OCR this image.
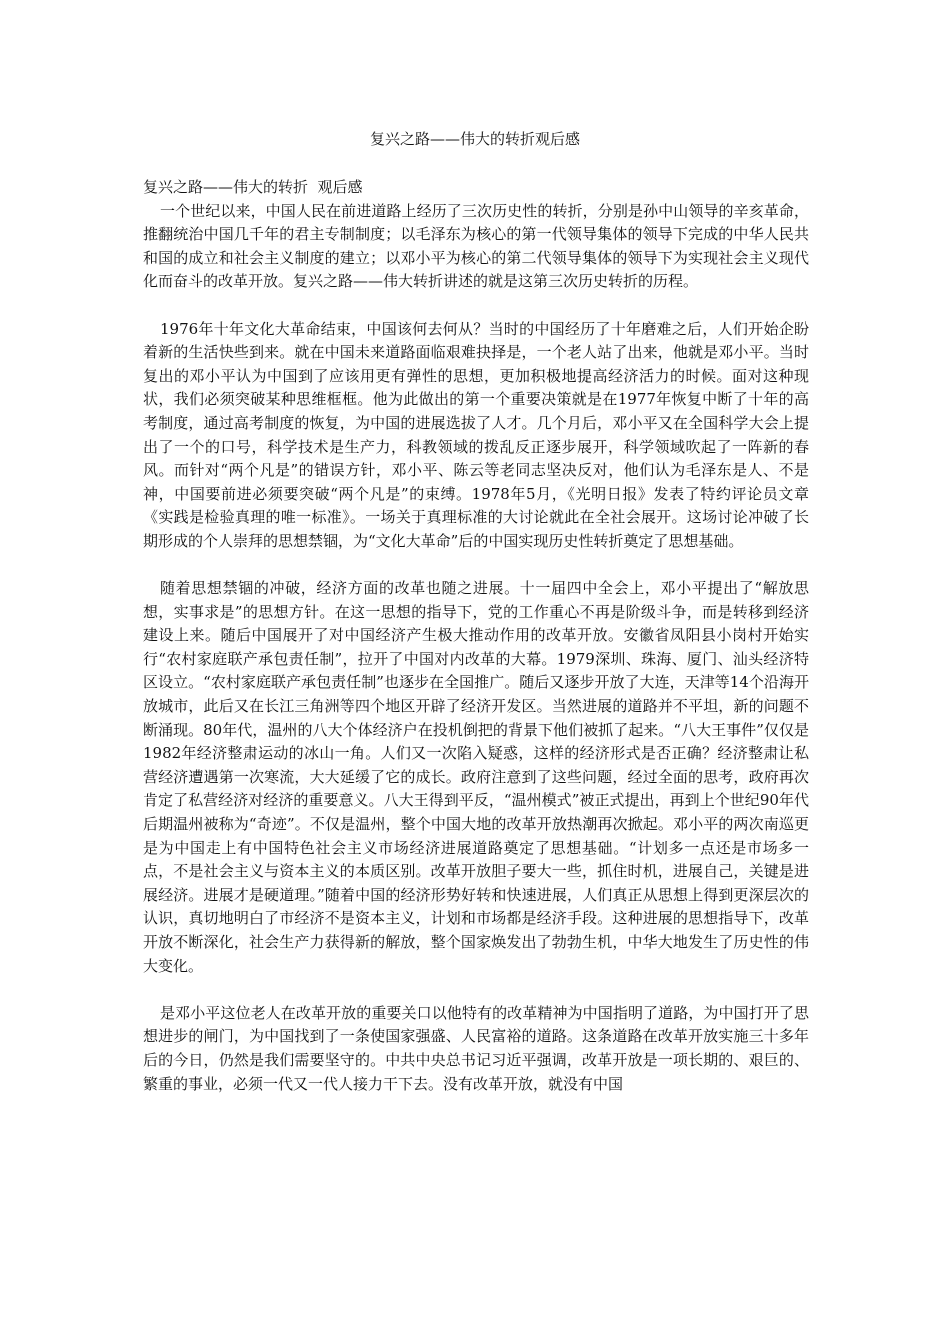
复兴之路——伟大的转折观后感

复兴之路——伟大的转折  观后感

一个世纪以来，中国人民在前进道路上经历了三次历史性的转折，分别是孙中山领导的辛亥革命，推翻统治中国几千年的君主专制制度；以毛泽东为核心的第一代领导集体的领导下完成的中华人民共和国的成立和社会主义制度的建立；以邓小平为核心的第二代领导集体的领导下为实现社会主义现代化而奋斗的改革开放。复兴之路——伟大转折讲述的就是这第三次历史转折的历程。

1976年十年文化大革命结束，中国该何去何从？当时的中国经历了十年磨难之后，人们开始企盼着新的生活快些到来。就在中国未来道路面临艰难抉择是，一个老人站了出来，他就是邓小平。当时复出的邓小平认为中国到了应该用更有弹性的思想，更加积极地提高经济活力的时候。面对这种现状，我们必须突破某种思维框框。他为此做出的第一个重要决策就是在1977年恢复中断了十年的高考制度，通过高考制度的恢复，为中国的进展选拔了人才。几个月后，邓小平又在全国科学大会上提出了一个的口号，科学技术是生产力，科教领域的拨乱反正逐步展开，科学领域吹起了一阵新的春风。而针对“两个凡是”的错误方针，邓小平、陈云等老同志坚决反对，他们认为毛泽东是人、不是神，中国要前进必须要突破“两个凡是”的束缚。1978年5月，《光明日报》发表了特约评论员文章《实践是检验真理的唯一标准》。一场关于真理标准的大讨论就此在全社会展开。这场讨论冲破了长期形成的个人崇拜的思想禁锢，为“文化大革命”后的中国实现历史性转折奠定了思想基础。

随着思想禁锢的冲破，经济方面的改革也随之进展。十一届四中全会上，邓小平提出了“解放思想，实事求是”的思想方针。在这一思想的指导下，党的工作重心不再是阶级斗争，而是转移到经济建设上来。随后中国展开了对中国经济产生极大推动作用的改革开放。安徽省凤阳县小岗村开始实行“农村家庭联产承包责任制”，拉开了中国对内改革的大幕。1979深圳、珠海、厦门、汕头经济特区设立。“农村家庭联产承包责任制”也逐步在全国推广。随后又逐步开放了大连，天津等14个沿海开放城市，此后又在长江三角洲等四个地区开辟了经济开发区。当然进展的道路并不平坦，新的问题不断涌现。80年代，温州的八大个体经济户在投机倒把的背景下他们被抓了起来。“八大王事件”仅仅是1982年经济整肃运动的冰山一角。人们又一次陷入疑惑，这样的经济形式是否正确？经济整肃让私营经济遭遇第一次寒流，大大延缓了它的成长。政府注意到了这些问题，经过全面的思考，政府再次肯定了私营经济对经济的重要意义。八大王得到平反，“温州模式”被正式提出，再到上个世纪90年代后期温州被称为“奇迹”。不仅是温州，整个中国大地的改革开放热潮再次掀起。邓小平的两次南巡更是为中国走上有中国特色社会主义市场经济进展道路奠定了思想基础。“计划多一点还是市场多一点，不是社会主义与资本主义的本质区别。改革开放胆子要大一些，抓住时机，进展自己，关键是进展经济。进展才是硬道理。”随着中国的经济形势好转和快速进展，人们真正从思想上得到更深层次的认识，真切地明白了市经济不是资本主义，计划和市场都是经济手段。这种进展的思想指导下，改革开放不断深化，社会生产力获得新的解放，整个国家焕发出了勃勃生机，中华大地发生了历史性的伟大变化。

是邓小平这位老人在改革开放的重要关口以他特有的改革精神为中国指明了道路，为中国打开了思想进步的闸门，为中国找到了一条使国家强盛、人民富裕的道路。这条道路在改革开放实施三十多年后的今日，仍然是我们需要坚守的。中共中央总书记习近平强调，改革开放是一项长期的、艰巨的、繁重的事业，必须一代又一代人接力干下去。没有改革开放，就没有中国
